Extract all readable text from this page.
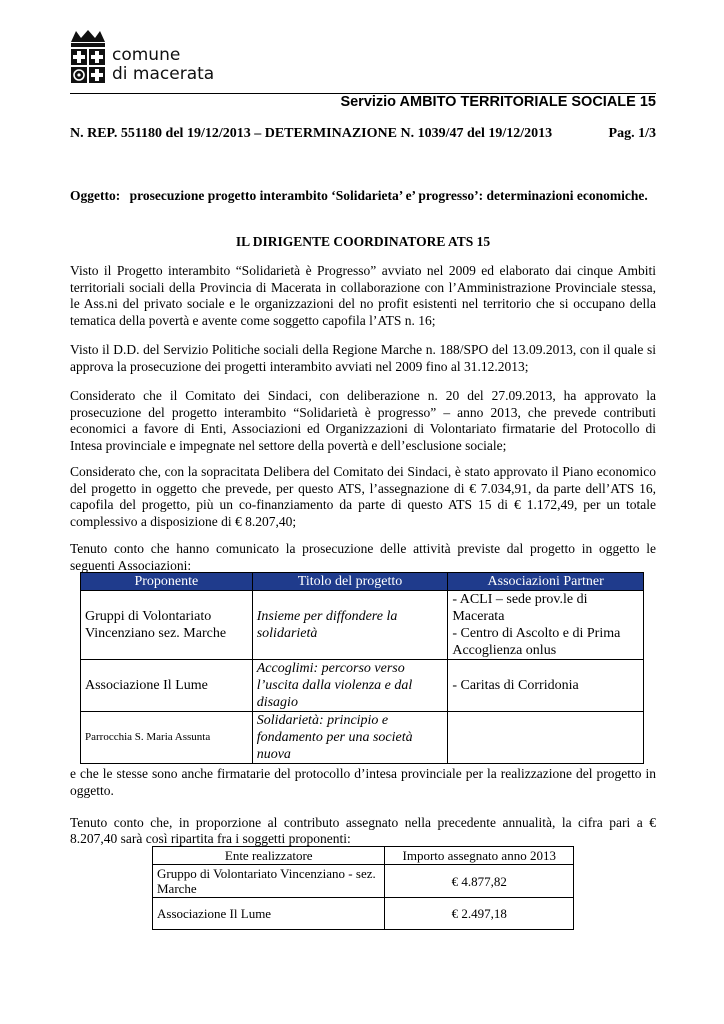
comune
di macerata
Servizio AMBITO TERRITORIALE SOCIALE 15
N. REP. 551180 del 19/12/2013 – DETERMINAZIONE N. 1039/47 del 19/12/2013	Pag. 1/3
Oggetto: prosecuzione progetto interambito ‘Solidarieta’ e’ progresso’: determinazioni economiche.
IL DIRIGENTE COORDINATORE ATS 15
Visto il Progetto interambito “Solidarietà è Progresso” avviato nel 2009 ed elaborato dai cinque Ambiti territoriali sociali della Provincia di Macerata in collaborazione con l’Amministrazione Provinciale stessa, le Ass.ni del privato sociale e le organizzazioni del no profit esistenti nel territorio che si occupano della tematica della povertà e avente come soggetto capofila l’ATS n. 16;
Visto il D.D. del Servizio Politiche sociali della Regione Marche n. 188/SPO del 13.09.2013, con il quale si approva la prosecuzione dei progetti interambito avviati nel 2009 fino al 31.12.2013;
Considerato che il Comitato dei Sindaci, con deliberazione n. 20 del 27.09.2013, ha approvato la prosecuzione del progetto interambito “Solidarietà è progresso” – anno 2013, che prevede contributi economici a favore di Enti, Associazioni ed Organizzazioni di Volontariato firmatarie del Protocollo di Intesa provinciale e impegnate nel settore della povertà e dell’esclusione sociale;
Considerato che, con la sopracitata Delibera del Comitato dei Sindaci, è stato approvato il Piano economico del progetto in oggetto che prevede, per questo ATS, l’assegnazione di € 7.034,91, da parte dell’ATS 16, capofila del progetto, più un co-finanziamento da parte di questo ATS 15 di € 1.172,49, per un totale complessivo a disposizione di € 8.207,40;
Tenuto conto che hanno comunicato la prosecuzione delle attività previste dal progetto in oggetto le seguenti Associazioni:
Proponente	Titolo del progetto	Associazioni Partner
Gruppi di Volontariato Vincenziano sez. Marche	Insieme per diffondere la solidarietà	- ACLI – sede prov.le di Macerata
- Centro di Ascolto e di Prima Accoglienza onlus
Associazione Il Lume	Accoglimi: percorso verso l’uscita dalla violenza e dal disagio	- Caritas di Corridonia
Parrocchia S. Maria Assunta	Solidarietà: principio e fondamento per una società nuova	
e che le stesse sono anche firmatarie del protocollo d’intesa provinciale per la realizzazione del progetto in oggetto.
Tenuto conto che, in proporzione al contributo assegnato nella precedente annualità, la cifra pari a € 8.207,40 sarà così ripartita fra i soggetti proponenti:
Ente realizzatore	Importo assegnato anno 2013
Gruppo di Volontariato Vincenziano - sez. Marche	€ 4.877,82
Associazione Il Lume	€ 2.497,18
